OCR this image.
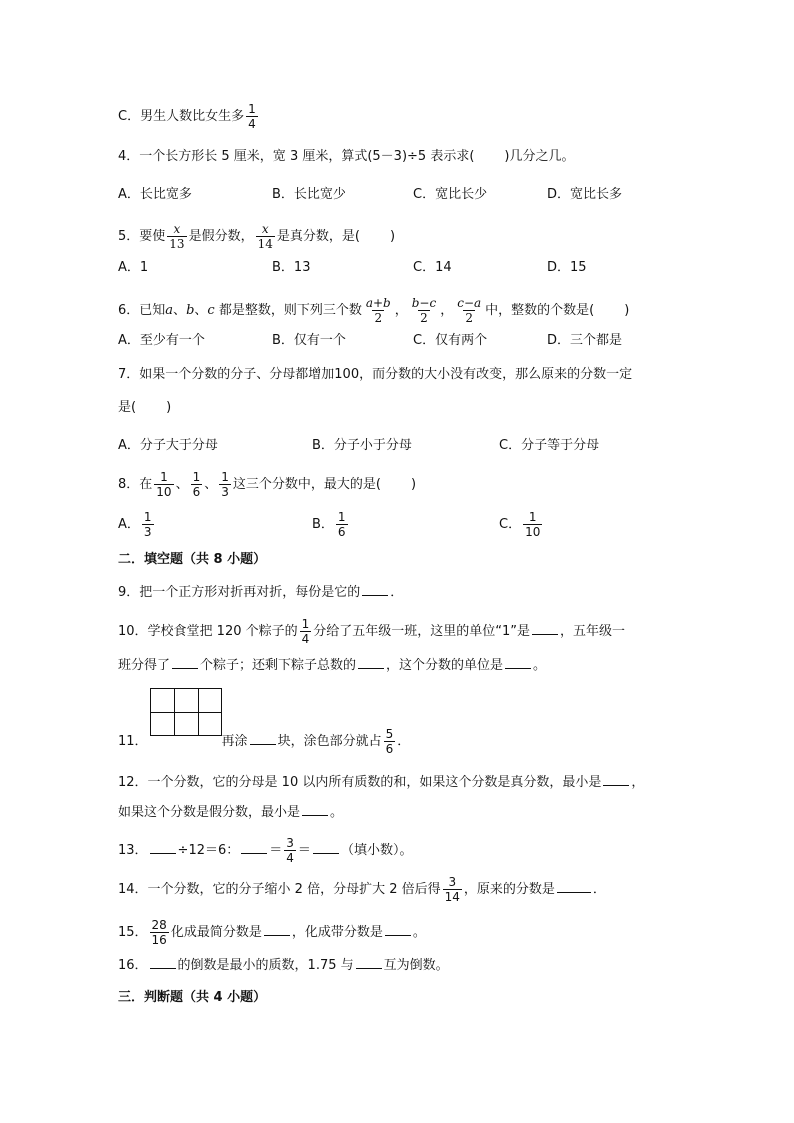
C．男生人数比女生多 $\frac{1}{4}$
4．一个长方形长 5 厘米，宽 3 厘米，算式(5－3)÷5 表示求( )几分之几。
A．长比宽多	B．长比宽少	C．宽比长少	D．宽比长多
5．要使 $\frac{x}{13}$ 是假分数， $\frac{x}{14}$ 是真分数，是( )
A．1	B．13	C．14	D．15
6．已知a、b、c 都是整数，则下列三个数 $\frac{a+b}{2}$ ， $\frac{b-c}{2}$ ， $\frac{c-a}{2}$ 中，整数的个数是( )
A．至少有一个	B．仅有一个	C．仅有两个	D．三个都是
7．如果一个分数的分子、分母都增加100，而分数的大小没有改变，那么原来的分数一定
是( )
A．分子大于分母	B．分子小于分母	C．分子等于分母
8．在 $\frac{1}{10}$ 、 $\frac{1}{6}$ 、 $\frac{1}{3}$ 这三个分数中，最大的是( )
A． $\frac{1}{3}$	B． $\frac{1}{6}$	C． $\frac{1}{10}$
二．填空题（共 8 小题）
9．把一个正方形对折再对折，每份是它的 ．
10．学校食堂把 120 个粽子的 $\frac{1}{4}$ 分给了五年级一班，这里的单位“1”是 ，五年级一
班分得了 个粽子；还剩下粽子总数的 ，这个分数的单位是 。
11．	再涂 块，涂色部分就占 $\frac{5}{6}$ ．
12．一个分数，它的分母是 10 以内所有质数的和，如果这个分数是真分数，最小是 ，
如果这个分数是假分数，最小是 。
13． ÷12＝6： ＝ $\frac{3}{4}$ ＝ （填小数）。
14．一个分数，它的分子缩小 2 倍，分母扩大 2 倍后得 $\frac{3}{14}$ ，原来的分数是	．
15． $\frac{28}{16}$ 化成最简分数是 ，化成带分数是 。
16． 的倒数是最小的质数，1.75 与 互为倒数。
三．判断题（共 4 小题）
